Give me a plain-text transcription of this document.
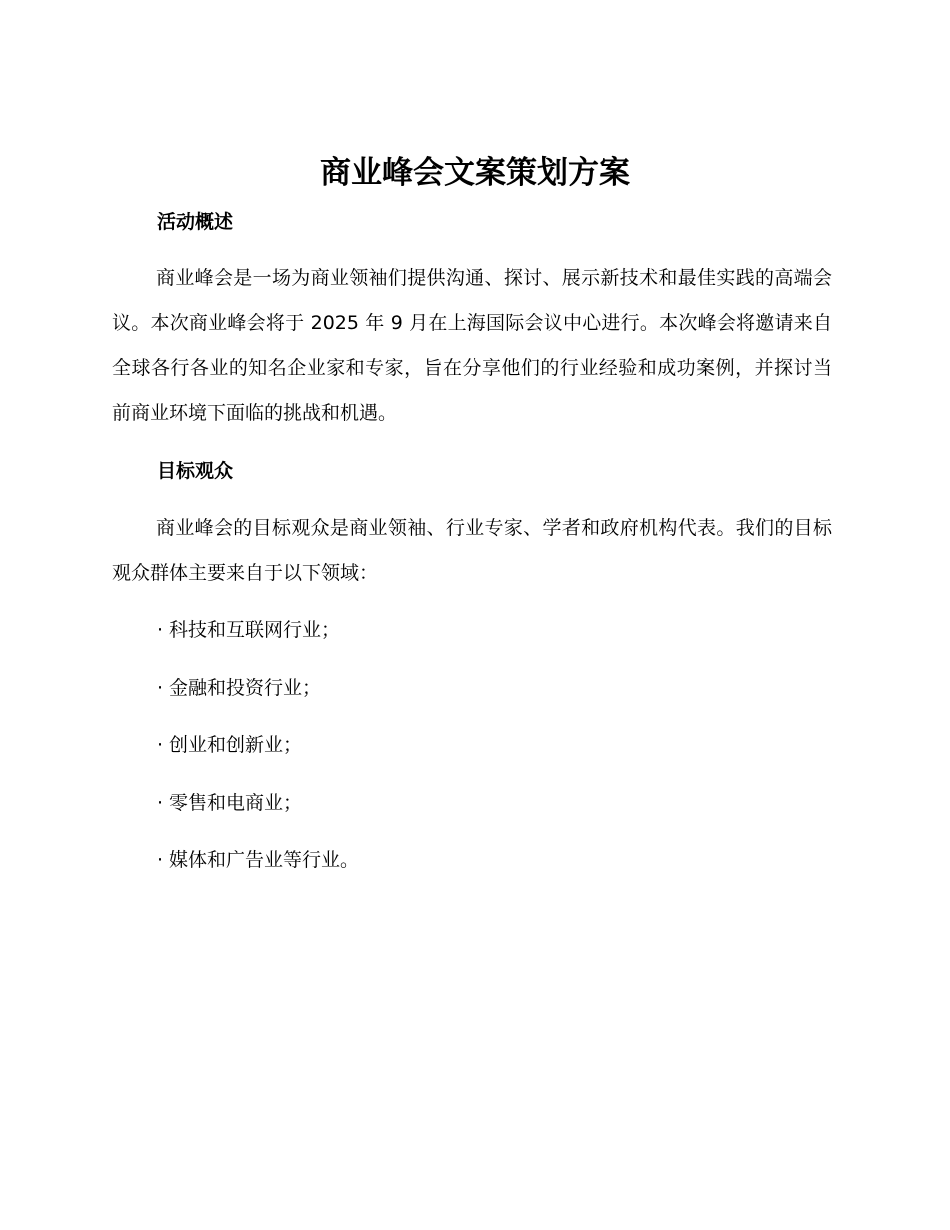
商业峰会文案策划方案
活动概述

商业峰会是一场为商业领袖们提供沟通、探讨、展示新技术和最佳实践的高端会议。本次商业峰会将于 2025 年 9 月在上海国际会议中心进行。本次峰会将邀请来自全球各行各业的知名企业家和专家，旨在分享他们的行业经验和成功案例，并探讨当前商业环境下面临的挑战和机遇。

目标观众

商业峰会的目标观众是商业领袖、行业专家、学者和政府机构代表。我们的目标观众群体主要来自于以下领域：

· 科技和互联网行业；
· 金融和投资行业；
· 创业和创新业；
· 零售和电商业；
· 媒体和广告业等行业。
